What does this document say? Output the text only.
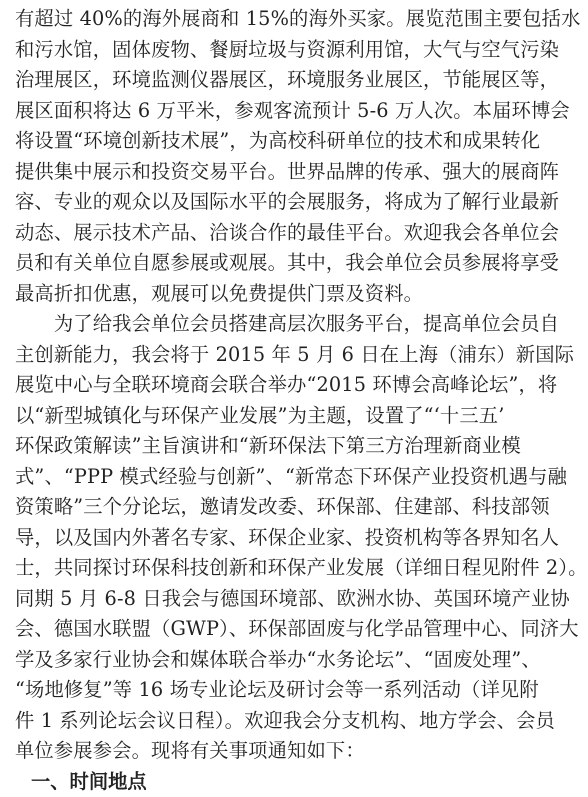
有超过 40%的海外展商和 15%的海外买家。展览范围主要包括水
和污水馆，固体废物、餐厨垃圾与资源利用馆，大气与空气污染
治理展区，环境监测仪器展区，环境服务业展区，节能展区等，
展区面积将达 6 万平米，参观客流预计 5-6 万人次。本届环博会
将设置“环境创新技术展”，为高校科研单位的技术和成果转化
提供集中展示和投资交易平台。世界品牌的传承、强大的展商阵
容、专业的观众以及国际水平的会展服务，将成为了解行业最新
动态、展示技术产品、洽谈合作的最佳平台。欢迎我会各单位会
员和有关单位自愿参展或观展。其中，我会单位会员参展将享受
最高折扣优惠，观展可以免费提供门票及资料。
　　为了给我会单位会员搭建高层次服务平台，提高单位会员自
主创新能力，我会将于 2015 年 5 月 6 日在上海（浦东）新国际
展览中心与全联环境商会联合举办“2015 环博会高峰论坛”，将
以“新型城镇化与环保产业发展”为主题，设置了“‘十三五’
环保政策解读”主旨演讲和“新环保法下第三方治理新商业模
式”、“PPP 模式经验与创新”、“新常态下环保产业投资机遇与融
资策略”三个分论坛，邀请发改委、环保部、住建部、科技部领
导，以及国内外著名专家、环保企业家、投资机构等各界知名人
士，共同探讨环保科技创新和环保产业发展（详细日程见附件 2）。
同期 5 月 6-8 日我会与德国环境部、欧洲水协、英国环境产业协
会、德国水联盟（GWP）、环保部固废与化学品管理中心、同济大
学及多家行业协会和媒体联合举办“水务论坛”、“固废处理”、
“场地修复”等 16 场专业论坛及研讨会等一系列活动（详见附
件 1 系列论坛会议日程）。欢迎我会分支机构、地方学会、会员
单位参展参会。现将有关事项通知如下：
一、时间地点
